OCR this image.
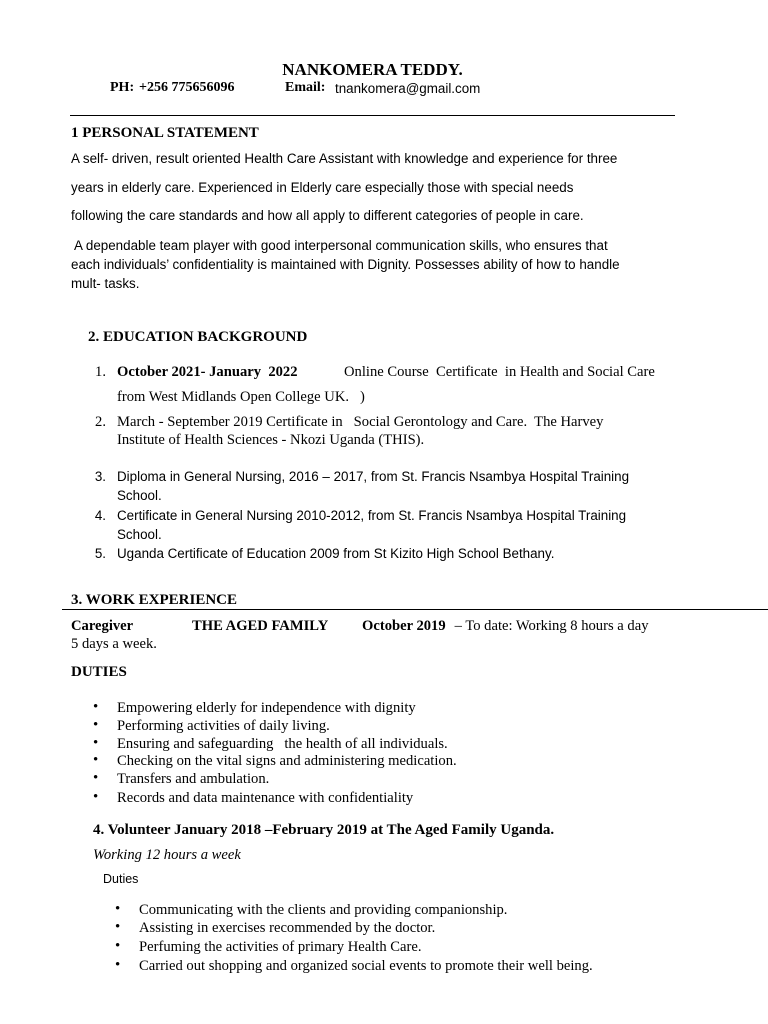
NANKOMERA TEDDY.
PH: +256 775656096	Email: tnankomera@gmail.com
1 PERSONAL STATEMENT
A self- driven, result oriented Health Care Assistant with knowledge and experience for three
years in elderly care. Experienced in Elderly care especially those with special needs
following the care standards and how all apply to different categories of people in care.
A dependable team player with good interpersonal communication skills, who ensures that
each individuals’ confidentiality is maintained with Dignity. Possesses ability of how to handle
mult- tasks.
2. EDUCATION BACKGROUND
1. October 2021- January  2022	Online Course  Certificate  in Health and Social Care
from West Midlands Open College UK.   )
2. March - September 2019 Certificate in   Social Gerontology and Care.  The Harvey
Institute of Health Sciences - Nkozi Uganda (THIS).
3. Diploma in General Nursing, 2016 – 2017, from St. Francis Nsambya Hospital Training
School.
4. Certificate in General Nursing 2010-2012, from St. Francis Nsambya Hospital Training
School.
5. Uganda Certificate of Education 2009 from St Kizito High School Bethany.
3. WORK EXPERIENCE
Caregiver	THE AGED FAMILY October 2019 – To date: Working 8 hours a day
5 days a week.
DUTIES
• Empowering elderly for independence with dignity
• Performing activities of daily living.
• Ensuring and safeguarding   the health of all individuals.
• Checking on the vital signs and administering medication.
• Transfers and ambulation.
• Records and data maintenance with confidentiality
4. Volunteer January 2018 –February 2019 at The Aged Family Uganda.
Working 12 hours a week
Duties
• Communicating with the clients and providing companionship.
• Assisting in exercises recommended by the doctor.
• Perfuming the activities of primary Health Care.
• Carried out shopping and organized social events to promote their well being.
